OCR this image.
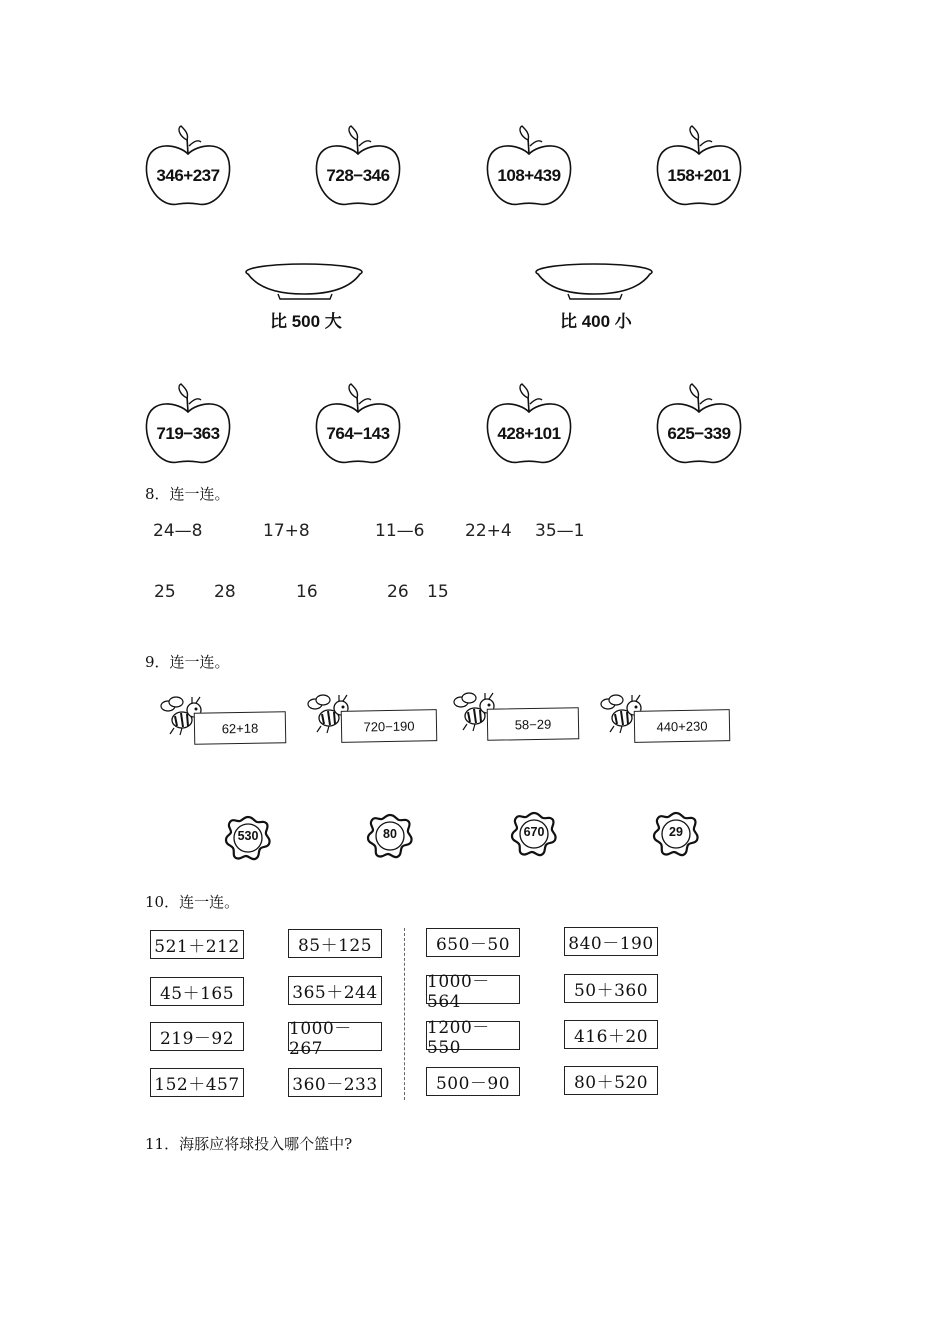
346+237	728−346	108+439	158+201
比 500 大	比 400 小
719−363	764−143	428+101	625−339
8．连一连。
24—8	17+8	11—6 22+4 35—1
25 28	16	26 15
9．连一连。
62+18	720−190	58−29	440+230
530	80	670	29
10．连一连。
521＋212
45＋165
219－92
152＋457
85＋125
365＋244
1000－267
360－233
650－50
1000－564
1200－550
500－90
840－190
50＋360
416＋20
80＋520
11．海豚应将球投入哪个篮中?
